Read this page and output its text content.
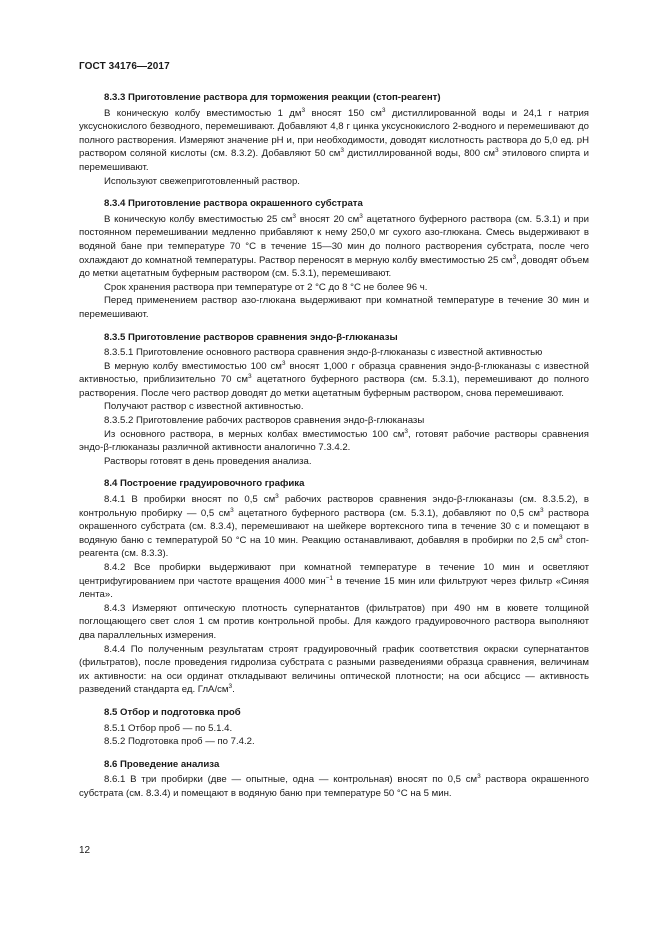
ГОСТ 34176—2017
8.3.3 Приготовление раствора для торможения реакции (стоп-реагент)
В коническую колбу вместимостью 1 $дм^3$ вносят 150 $см^3$ дистиллированной воды и 24,1 г натрия уксуснокислого безводного, перемешивают. Добавляют 4,8 г цинка уксуснокислого 2-водного и перемешивают до полного растворения. Измеряют значение pH и, при необходимости, доводят кислотность раствора до 5,0 ед. pH раствором соляной кислоты (см. 8.3.2). Добавляют 50 $см^3$ дистиллированной воды, 800 $см^3$ этилового спирта и перемешивают.
Используют свежеприготовленный раствор.
8.3.4 Приготовление раствора окрашенного субстрата
В коническую колбу вместимостью 25 $см^3$ вносят 20 $см^3$ ацетатного буферного раствора (см. 5.3.1) и при постоянном перемешивании медленно прибавляют к нему 250,0 мг сухого азо-глюкана. Смесь выдерживают в водяной бане при температуре 70 °С в течение 15—30 мин до полного растворения субстрата, после чего охлаждают до комнатной температуры. Раствор переносят в мерную колбу вместимостью 25 $см^3$, доводят объем до метки ацетатным буферным раствором (см. 5.3.1), перемешивают.
Срок хранения раствора при температуре от 2 °С до 8 °С не более 96 ч.
Перед применением раствор азо-глюкана выдерживают при комнатной температуре в течение 30 мин и перемешивают.
8.3.5 Приготовление растворов сравнения эндо-β-глюканазы
8.3.5.1 Приготовление основного раствора сравнения эндо-β-глюканазы с известной активностью
В мерную колбу вместимостью 100 $см^3$ вносят 1,000 г образца сравнения эндо-β-глюканазы с известной активностью, приблизительно 70 $см^3$ ацетатного буферного раствора (см. 5.3.1), перемешивают до полного растворения. После чего раствор доводят до метки ацетатным буферным раствором, снова перемешивают.
Получают раствор с известной активностью.
8.3.5.2 Приготовление рабочих растворов сравнения эндо-β-глюканазы
Из основного раствора, в мерных колбах вместимостью 100 $см^3$, готовят рабочие растворы сравнения эндо-β-глюканазы различной активности аналогично 7.3.4.2.
Растворы готовят в день проведения анализа.
8.4 Построение градуировочного графика
8.4.1 В пробирки вносят по 0,5 $см^3$ рабочих растворов сравнения эндо-β-глюканазы (см. 8.3.5.2), в контрольную пробирку — 0,5 $см^3$ ацетатного буферного раствора (см. 5.3.1), добавляют по 0,5 $см^3$ раствора окрашенного субстрата (см. 8.3.4), перемешивают на шейкере вортексного типа в течение 30 с и помещают в водяную баню с температурой 50 °С на 10 мин. Реакцию останавливают, добавляя в пробирки по 2,5 $см^3$ стоп-реагента (см. 8.3.3).
8.4.2 Все пробирки выдерживают при комнатной температуре в течение 10 мин и осветляют центрифугированием при частоте вращения 4000 мин$^{-1}$ в течение 15 мин или фильтруют через фильтр «Синяя лента».
8.4.3 Измеряют оптическую плотность супернатантов (фильтратов) при 490 нм в кювете толщиной поглощающего свет слоя 1 см против контрольной пробы. Для каждого градуировочного раствора выполняют два параллельных измерения.
8.4.4 По полученным результатам строят градуировочный график соответствия окраски супернатантов (фильтратов), после проведения гидролиза субстрата с разными разведениями образца сравнения, величинам их активности: на оси ординат откладывают величины оптической плотности; на оси абсцисс — активность разведений стандарта ед. ГлА/$см^3$.
8.5 Отбор и подготовка проб
8.5.1 Отбор проб — по 5.1.4.
8.5.2 Подготовка проб — по 7.4.2.
8.6 Проведение анализа
8.6.1 В три пробирки (две — опытные, одна — контрольная) вносят по 0,5 $см^3$ раствора окрашенного субстрата (см. 8.3.4) и помещают в водяную баню при температуре 50 °С на 5 мин.
12
